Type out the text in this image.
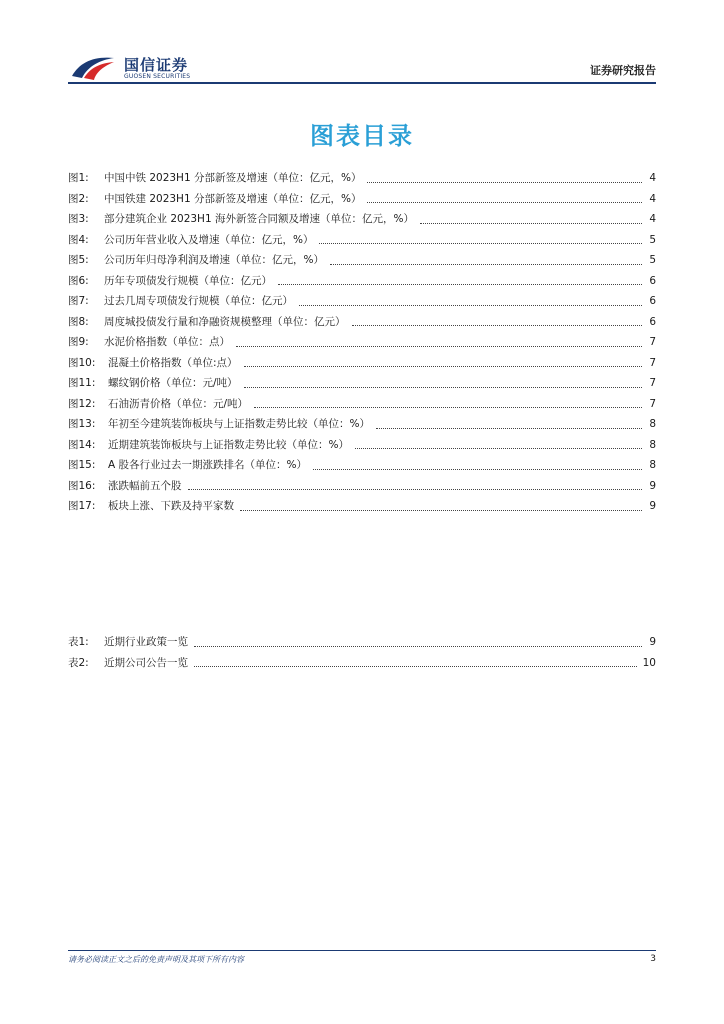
国信证券
GUOSEN SECURITIES	证券研究报告
图表目录
图1:	中国中铁 2023H1 分部新签及增速（单位：亿元，%）	4
图2:	中国铁建 2023H1 分部新签及增速（单位：亿元，%）	4
图3:	部分建筑企业 2023H1 海外新签合同额及增速（单位：亿元，%）	4
图4:	公司历年营业收入及增速（单位：亿元，%）	5
图5:	公司历年归母净利润及增速（单位：亿元，%）	5
图6:	历年专项债发行规模（单位：亿元）	6
图7:	过去几周专项债发行规模（单位：亿元）	6
图8:	周度城投债发行量和净融资规模整理（单位：亿元）	6
图9:	水泥价格指数（单位：点）	7
图10:	混凝土价格指数（单位:点）	7
图11:	螺纹钢价格（单位：元/吨）	7
图12:	石油沥青价格（单位：元/吨）	7
图13:	年初至今建筑装饰板块与上证指数走势比较（单位：%）	8
图14:	近期建筑装饰板块与上证指数走势比较（单位：%）	8
图15:	A 股各行业过去一期涨跌排名（单位：%）	8
图16:	涨跌幅前五个股	9
图17:	板块上涨、下跌及持平家数	9
表1:	近期行业政策一览	9
表2:	近期公司公告一览	10
请务必阅读正文之后的免责声明及其项下所有内容	3
